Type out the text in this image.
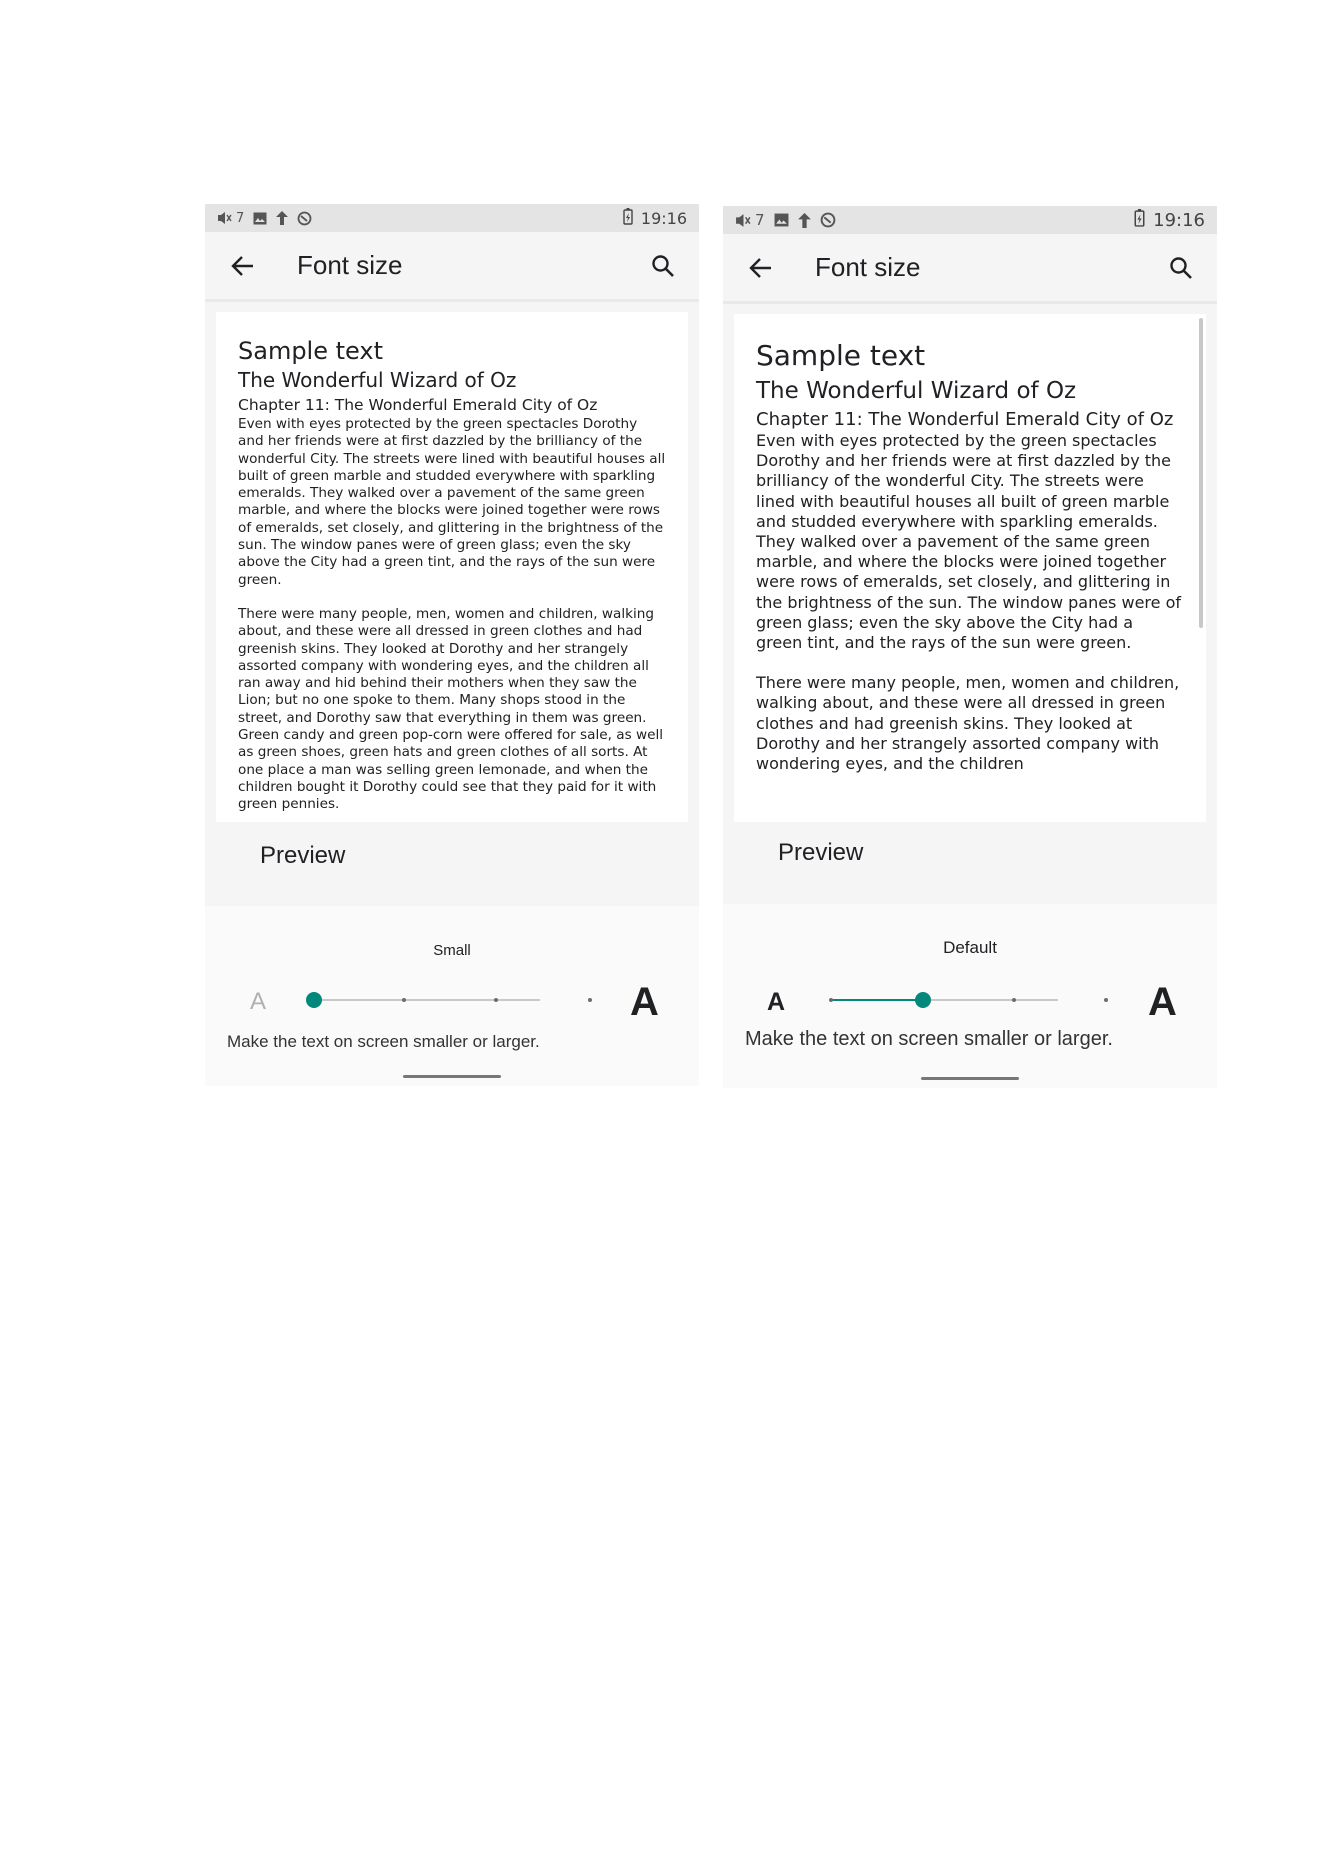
7	19:16
Font size

Sample text

The Wonderful Wizard of Oz

Chapter 11: The Wonderful Emerald City of Oz

Even with eyes protected by the green spectacles Dorothy and her friends were at first dazzled by the brilliancy of the wonderful City. The streets were lined with beautiful houses all built of green marble and studded everywhere with sparkling emeralds. They walked over a pavement of the same green marble, and where the blocks were joined together were rows of emeralds, set closely, and glittering in the brightness of the sun. The window panes were of green glass; even the sky above the City had a green tint, and the rays of the sun were green.

There were many people, men, women and children, walking about, and these were all dressed in green clothes and had greenish skins. They looked at Dorothy and her strangely assorted company with wondering eyes, and the children all ran away and hid behind their mothers when they saw the Lion; but no one spoke to them. Many shops stood in the street, and Dorothy saw that everything in them was green. Green candy and green pop-corn were offered for sale, as well as green shoes, green hats and green clothes of all sorts. At one place a man was selling green lemonade, and when the children bought it Dorothy could see that they paid for it with green pennies.

Preview
Small
A	A
Make the text on screen smaller or larger.
7	19:16
Font size

Sample text

The Wonderful Wizard of Oz

Chapter 11: The Wonderful Emerald City of Oz

Even with eyes protected by the green spectacles Dorothy and her friends were at first dazzled by the brilliancy of the wonderful City. The streets were lined with beautiful houses all built of green marble and studded everywhere with sparkling emeralds. They walked over a pavement of the same green marble, and where the blocks were joined together were rows of emeralds, set closely, and glittering in the brightness of the sun. The window panes were of green glass; even the sky above the City had a green tint, and the rays of the sun were green.

There were many people, men, women and children, walking about, and these were all dressed in green clothes and had greenish skins. They looked at Dorothy and her strangely assorted company with wondering eyes, and the children

Preview
Default
A	A
Make the text on screen smaller or larger.
